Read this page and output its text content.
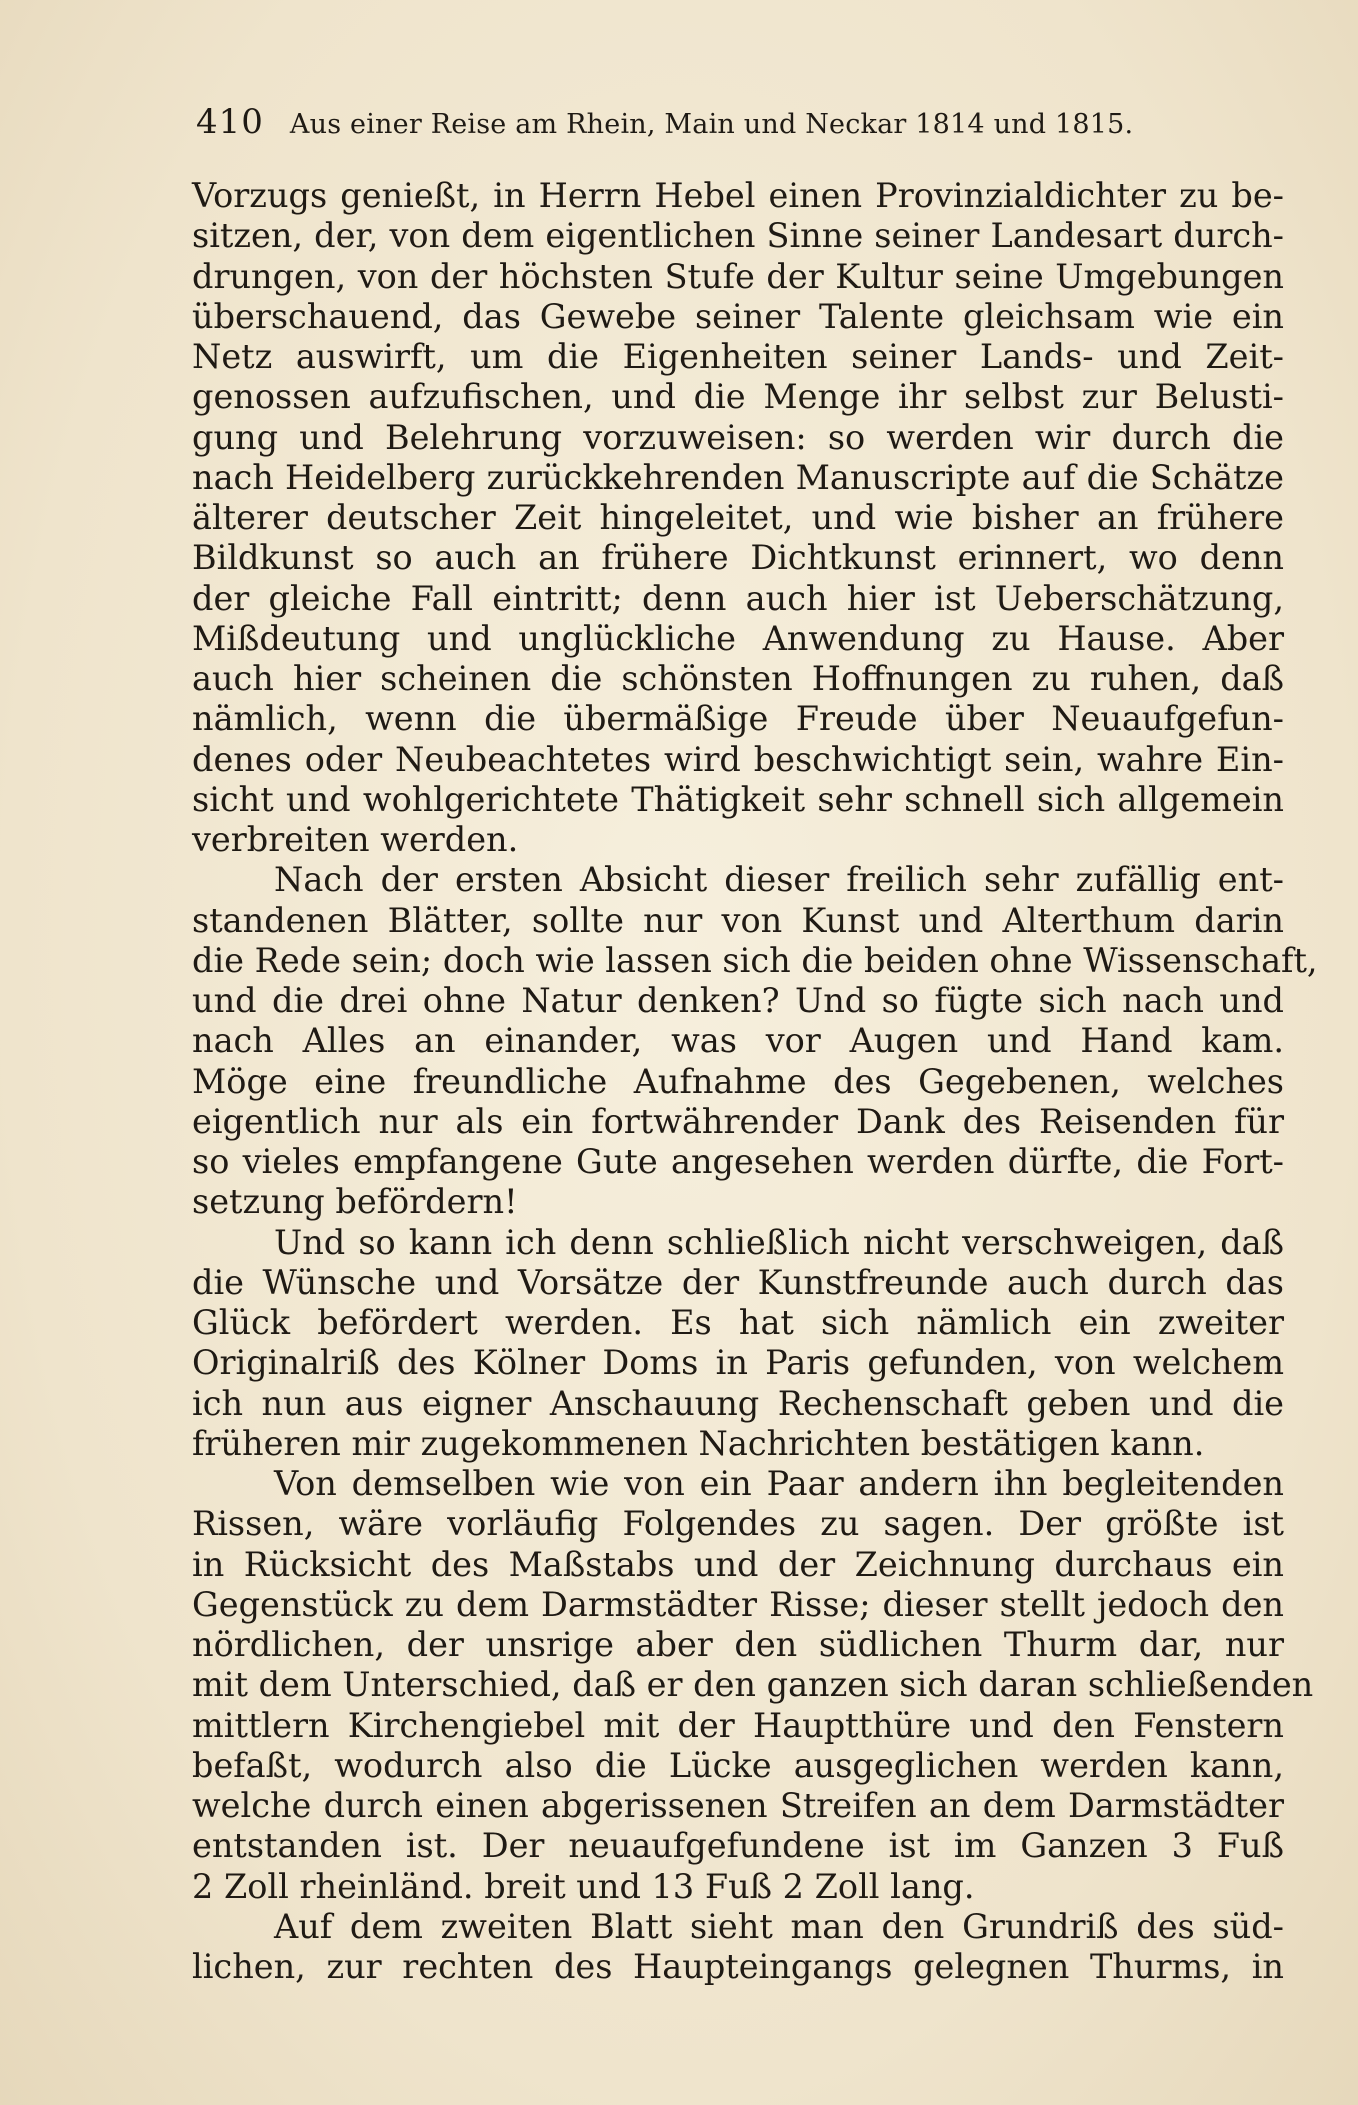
410 Aus einer Reise am Rhein, Main und Neckar 1814 und 1815.
Vorzugs genießt, in Herrn Hebel einen Provinzialdichter zu be-
sitzen, der, von dem eigentlichen Sinne seiner Landesart durch-
drungen, von der höchsten Stufe der Kultur seine Umgebungen
überschauend, das Gewebe seiner Talente gleichsam wie ein
Netz auswirft, um die Eigenheiten seiner Lands- und Zeit-
genossen aufzufischen, und die Menge ihr selbst zur Belusti-
gung und Belehrung vorzuweisen: so werden wir durch die
nach Heidelberg zurückkehrenden Manuscripte auf die Schätze
älterer deutscher Zeit hingeleitet, und wie bisher an frühere
Bildkunst so auch an frühere Dichtkunst erinnert, wo denn
der gleiche Fall eintritt; denn auch hier ist Ueberschätzung,
Mißdeutung und unglückliche Anwendung zu Hause. Aber
auch hier scheinen die schönsten Hoffnungen zu ruhen, daß
nämlich, wenn die übermäßige Freude über Neuaufgefun-
denes oder Neubeachtetes wird beschwichtigt sein, wahre Ein-
sicht und wohlgerichtete Thätigkeit sehr schnell sich allgemein
verbreiten werden.
Nach der ersten Absicht dieser freilich sehr zufällig ent-
standenen Blätter, sollte nur von Kunst und Alterthum darin
die Rede sein; doch wie lassen sich die beiden ohne Wissenschaft,
und die drei ohne Natur denken? Und so fügte sich nach und
nach Alles an einander, was vor Augen und Hand kam.
Möge eine freundliche Aufnahme des Gegebenen, welches
eigentlich nur als ein fortwährender Dank des Reisenden für
so vieles empfangene Gute angesehen werden dürfte, die Fort-
setzung befördern!
Und so kann ich denn schließlich nicht verschweigen, daß
die Wünsche und Vorsätze der Kunstfreunde auch durch das
Glück befördert werden. Es hat sich nämlich ein zweiter
Originalriß des Kölner Doms in Paris gefunden, von welchem
ich nun aus eigner Anschauung Rechenschaft geben und die
früheren mir zugekommenen Nachrichten bestätigen kann.
Von demselben wie von ein Paar andern ihn begleitenden
Rissen, wäre vorläufig Folgendes zu sagen. Der größte ist
in Rücksicht des Maßstabs und der Zeichnung durchaus ein
Gegenstück zu dem Darmstädter Risse; dieser stellt jedoch den
nördlichen, der unsrige aber den südlichen Thurm dar, nur
mit dem Unterschied, daß er den ganzen sich daran schließenden
mittlern Kirchengiebel mit der Hauptthüre und den Fenstern
befaßt, wodurch also die Lücke ausgeglichen werden kann,
welche durch einen abgerissenen Streifen an dem Darmstädter
entstanden ist. Der neuaufgefundene ist im Ganzen 3 Fuß
2 Zoll rheinländ. breit und 13 Fuß 2 Zoll lang.
Auf dem zweiten Blatt sieht man den Grundriß des süd-
lichen, zur rechten des Haupteingangs gelegnen Thurms, in
